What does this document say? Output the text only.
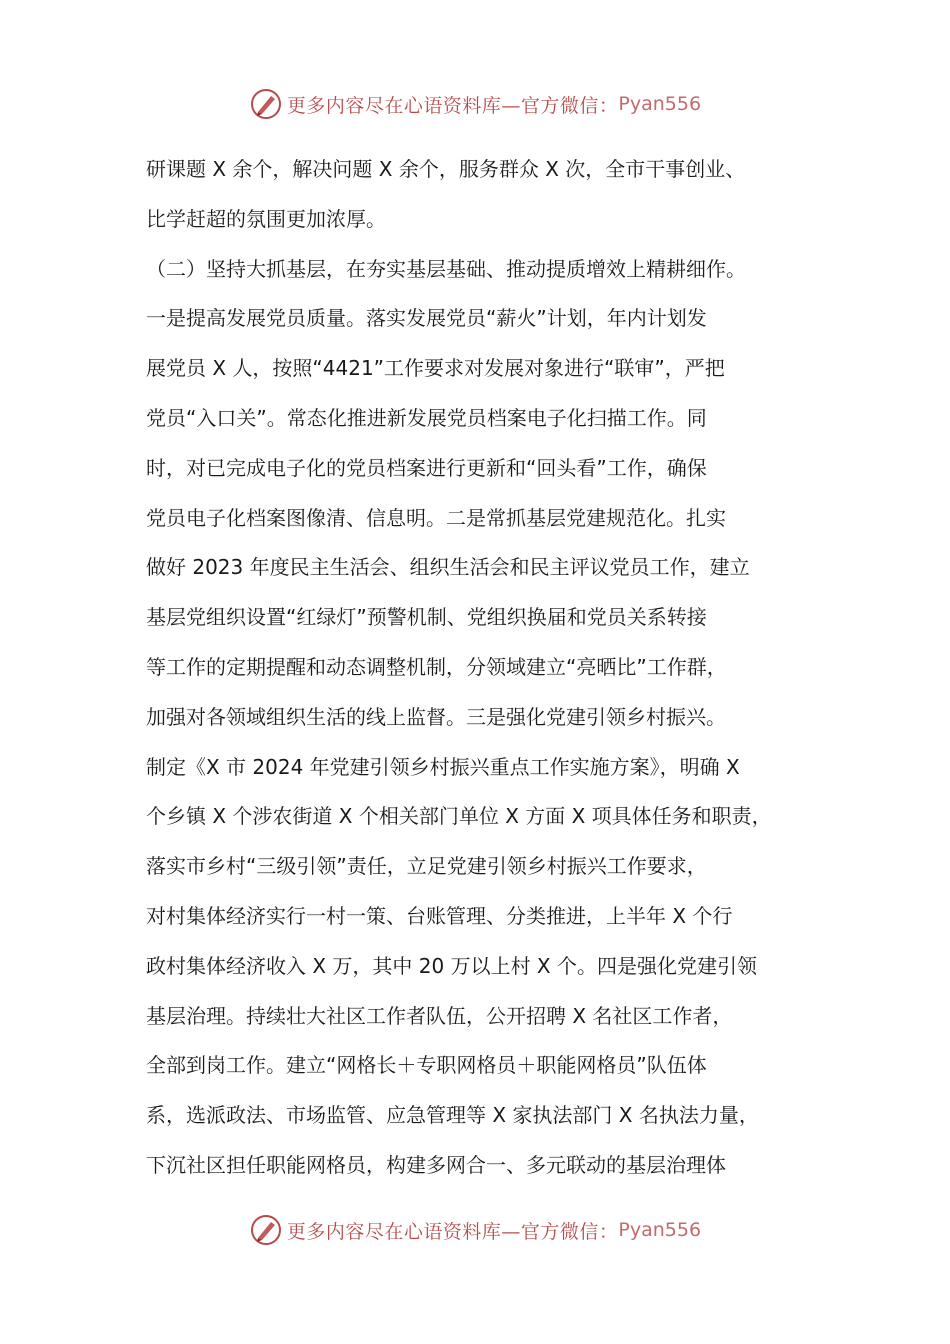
更多内容尽在心语资料库—官方微信： Pyan556
研课题 X 余个，解决问题 X 余个，服务群众 X 次，全市干事创业、
比学赶超的氛围更加浓厚。
（二）坚持大抓基层，在夯实基层基础、推动提质增效上精耕细作。
一是提高发展党员质量。落实发展党员“薪火”计划，年内计划发
展党员 X 人，按照“4421”工作要求对发展对象进行“联审”，严把
党员“入口关”。常态化推进新发展党员档案电子化扫描工作。同
时，对已完成电子化的党员档案进行更新和“回头看”工作，确保
党员电子化档案图像清、信息明。二是常抓基层党建规范化。扎实
做好 2023 年度民主生活会、组织生活会和民主评议党员工作，建立
基层党组织设置“红绿灯”预警机制、党组织换届和党员关系转接
等工作的定期提醒和动态调整机制，分领域建立“亮晒比”工作群，
加强对各领域组织生活的线上监督。三是强化党建引领乡村振兴。
制定《X 市 2024 年党建引领乡村振兴重点工作实施方案》，明确 X
个乡镇 X 个涉农街道 X 个相关部门单位 X 方面 X 项具体任务和职责，
落实市乡村“三级引领”责任，立足党建引领乡村振兴工作要求，
对村集体经济实行一村一策、台账管理、分类推进，上半年 X 个行
政村集体经济收入 X 万，其中 20 万以上村 X 个。四是强化党建引领
基层治理。持续壮大社区工作者队伍，公开招聘 X 名社区工作者，
全部到岗工作。建立“网格长＋专职网格员＋职能网格员”队伍体
系，选派政法、市场监管、应急管理等 X 家执法部门 X 名执法力量，
下沉社区担任职能网格员，构建多网合一、多元联动的基层治理体
更多内容尽在心语资料库—官方微信： Pyan556
